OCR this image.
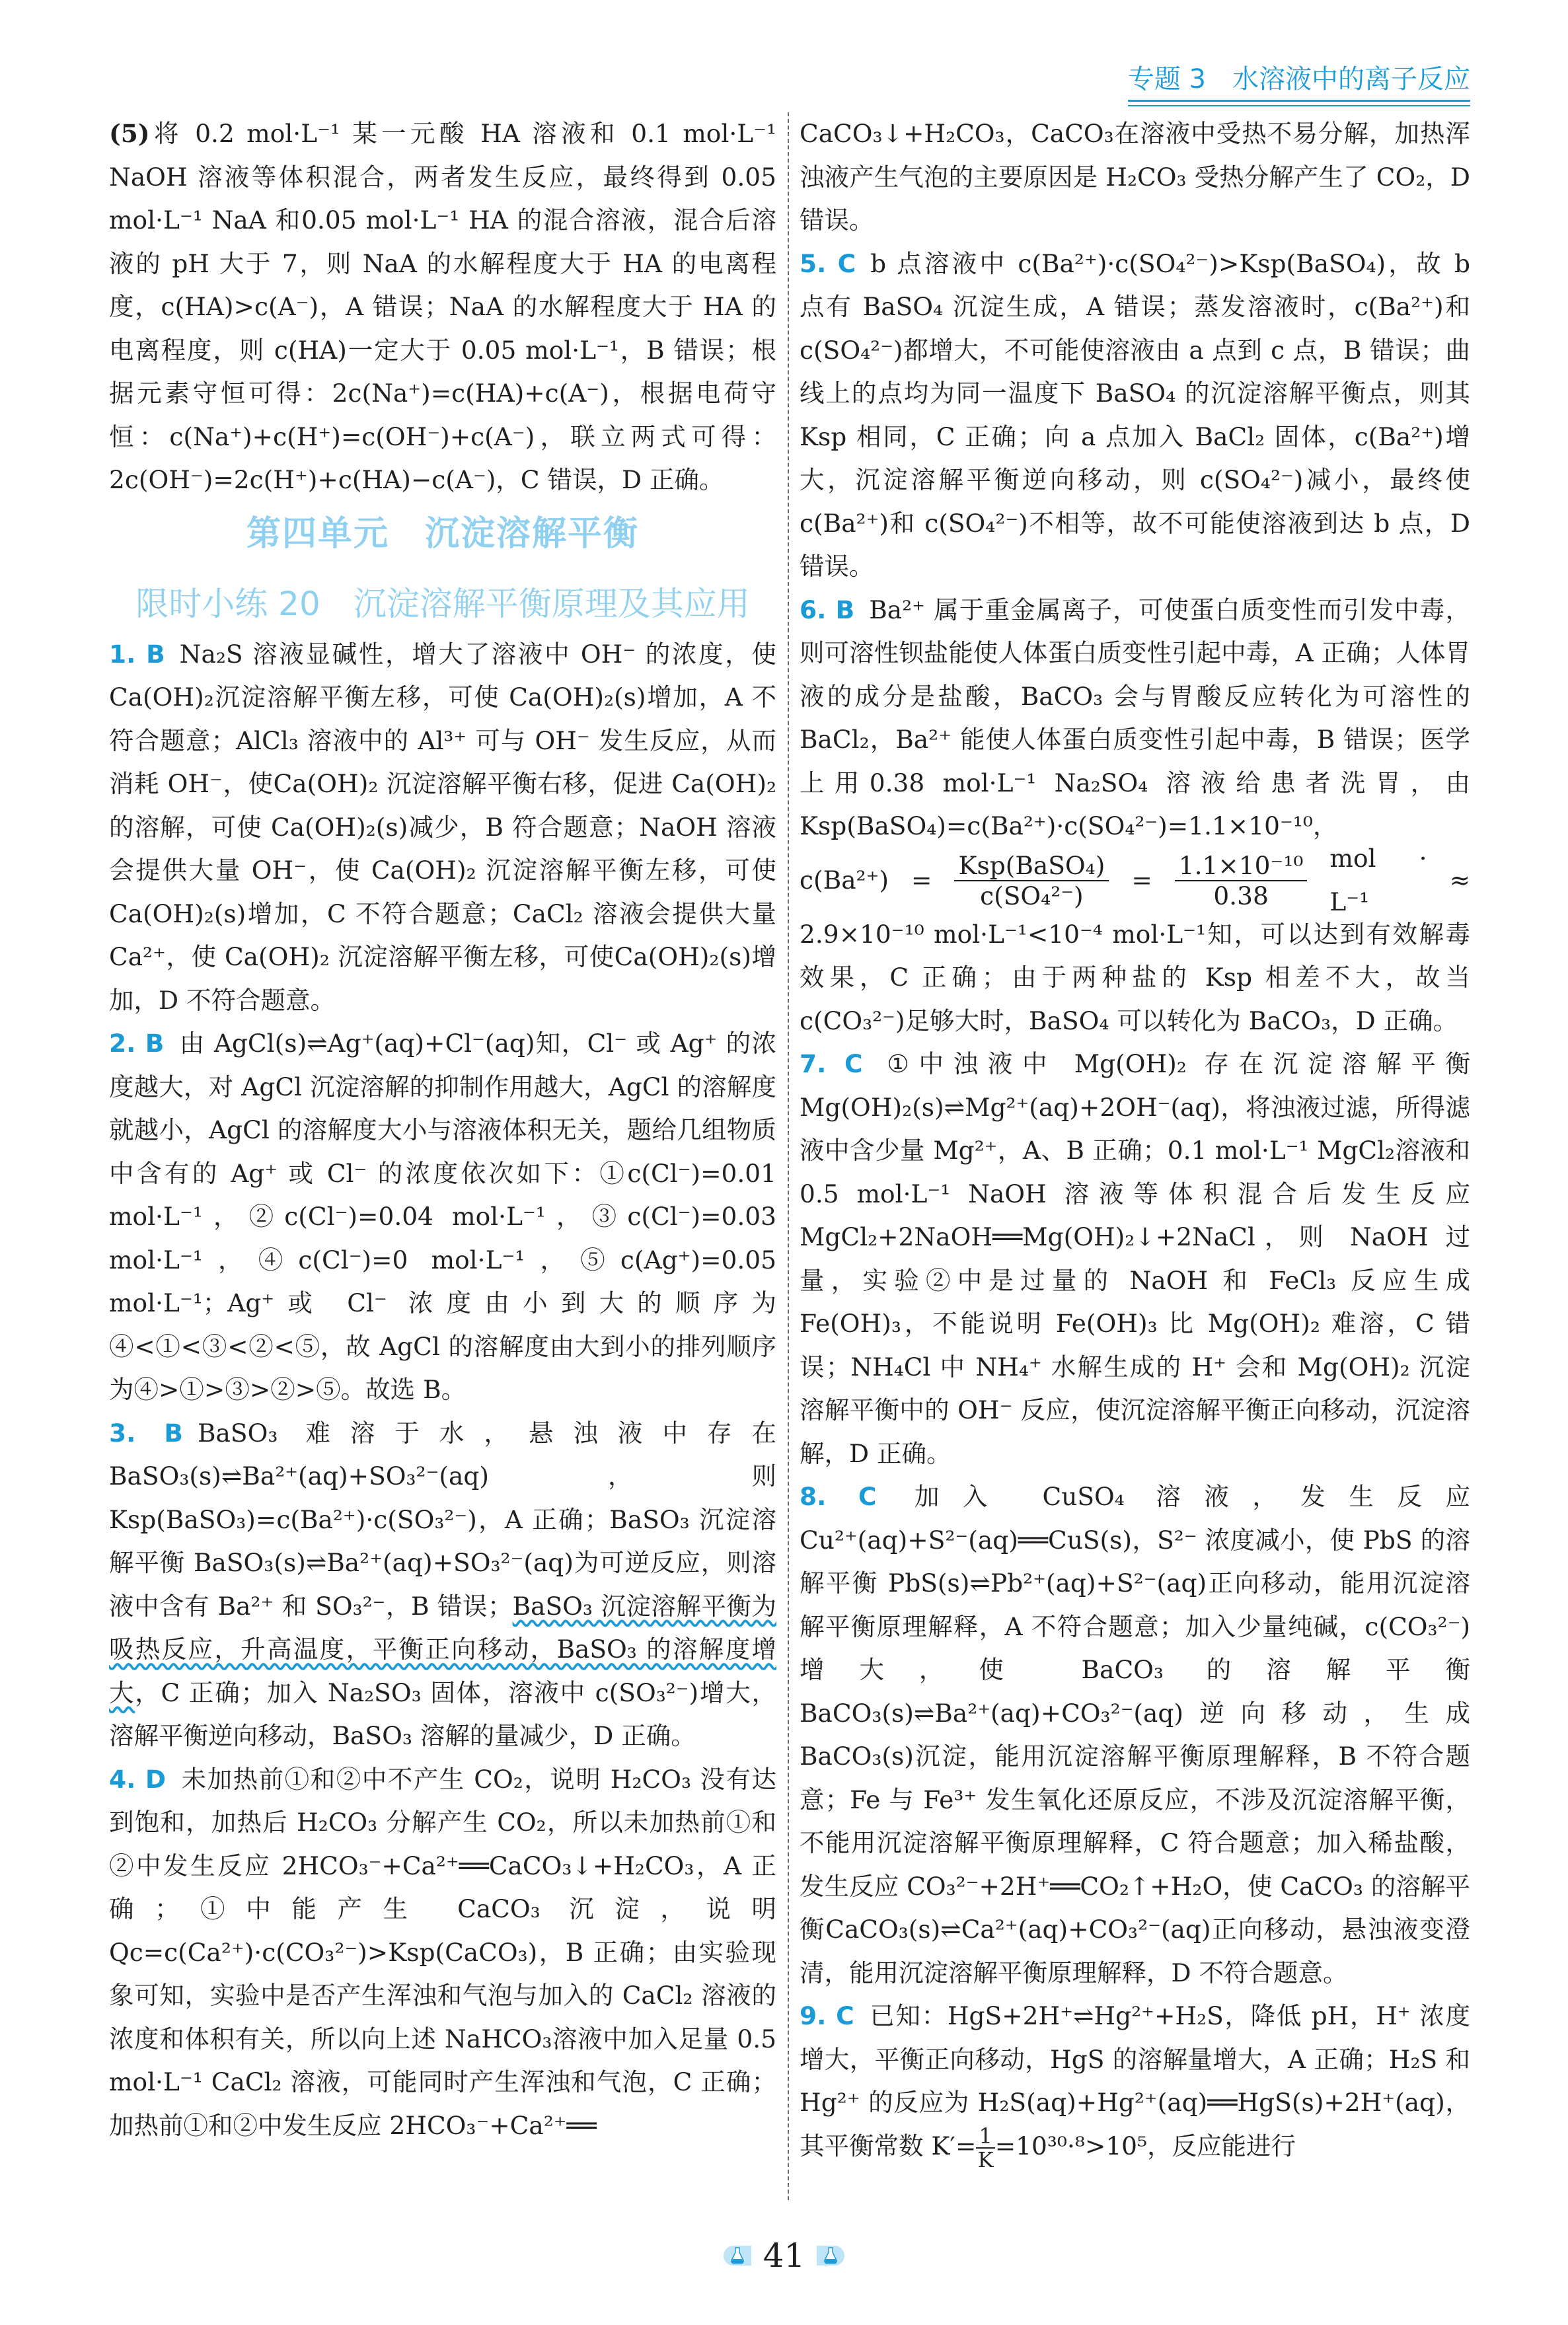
专题 3　水溶液中的离子反应

(5)将 0.2 mol·L⁻¹ 某一元酸 HA 溶液和 0.1 mol·L⁻¹ NaOH 溶液等体积混合，两者发生反应，最终得到 0.05 mol·L⁻¹ NaA 和0.05 mol·L⁻¹ HA 的混合溶液，混合后溶液的 pH 大于 7，则 NaA 的水解程度大于 HA 的电离程度，c(HA)>c(A⁻)，A 错误；NaA 的水解程度大于 HA 的电离程度，则 c(HA)一定大于 0.05 mol·L⁻¹，B 错误；根据元素守恒可得：2c(Na⁺)=c(HA)+c(A⁻)，根据电荷守恒：c(Na⁺)+c(H⁺)=c(OH⁻)+c(A⁻)，联立两式可得：2c(OH⁻)=2c(H⁺)+c(HA)−c(A⁻)，C 错误，D 正确。

第四单元　沉淀溶解平衡
限时小练 20　沉淀溶解平衡原理及其应用

1. B Na₂S 溶液显碱性，增大了溶液中 OH⁻ 的浓度，使 Ca(OH)₂沉淀溶解平衡左移，可使 Ca(OH)₂(s)增加，A 不符合题意；AlCl₃ 溶液中的 Al³⁺ 可与 OH⁻ 发生反应，从而消耗 OH⁻，使Ca(OH)₂ 沉淀溶解平衡右移，促进 Ca(OH)₂的溶解，可使 Ca(OH)₂(s)减少，B 符合题意；NaOH 溶液会提供大量 OH⁻，使 Ca(OH)₂ 沉淀溶解平衡左移，可使Ca(OH)₂(s)增加，C 不符合题意；CaCl₂ 溶液会提供大量 Ca²⁺，使 Ca(OH)₂ 沉淀溶解平衡左移，可使Ca(OH)₂(s)增加，D 不符合题意。

2. B 由 AgCl(s)⇌Ag⁺(aq)+Cl⁻(aq)知，Cl⁻ 或 Ag⁺ 的浓度越大，对 AgCl 沉淀溶解的抑制作用越大，AgCl 的溶解度就越小，AgCl 的溶解度大小与溶液体积无关，题给几组物质中含有的 Ag⁺ 或 Cl⁻ 的浓度依次如下：①c(Cl⁻)=0.01 mol·L⁻¹，②c(Cl⁻)=0.04 mol·L⁻¹，③c(Cl⁻)=0.03 mol·L⁻¹，④c(Cl⁻)=0 mol·L⁻¹，⑤c(Ag⁺)=0.05 mol·L⁻¹；Ag⁺或 Cl⁻ 浓度由小到大的顺序为④<①<③<②<⑤，故 AgCl 的溶解度由大到小的排列顺序为④>①>③>②>⑤。故选 B。

3. B BaSO₃ 难溶于水，悬浊液中存在 BaSO₃(s)⇌Ba²⁺(aq)+SO₃²⁻(aq)，则 Ksp(BaSO₃)=c(Ba²⁺)·c(SO₃²⁻)，A 正确；BaSO₃ 沉淀溶解平衡 BaSO₃(s)⇌Ba²⁺(aq)+SO₃²⁻(aq)为可逆反应，则溶液中含有 Ba²⁺ 和 SO₃²⁻，B 错误；BaSO₃ 沉淀溶解平衡为吸热反应，升高温度，平衡正向移动，BaSO₃ 的溶解度增大，C 正确；加入 Na₂SO₃ 固体，溶液中 c(SO₃²⁻)增大，溶解平衡逆向移动，BaSO₃ 溶解的量减少，D 正确。

4. D 未加热前①和②中不产生 CO₂，说明 H₂CO₃ 没有达到饱和，加热后 H₂CO₃ 分解产生 CO₂，所以未加热前①和②中发生反应 2HCO₃⁻+Ca²⁺══CaCO₃↓+H₂CO₃，A 正确；①中能产生 CaCO₃ 沉淀，说明 Qc=c(Ca²⁺)·c(CO₃²⁻)>Ksp(CaCO₃)，B 正确；由实验现象可知，实验中是否产生浑浊和气泡与加入的 CaCl₂ 溶液的浓度和体积有关，所以向上述 NaHCO₃溶液中加入足量 0.5 mol·L⁻¹ CaCl₂ 溶液，可能同时产生浑浊和气泡，C 正确；加热前①和②中发生反应 2HCO₃⁻+Ca²⁺══

CaCO₃↓+H₂CO₃，CaCO₃在溶液中受热不易分解，加热浑浊液产生气泡的主要原因是 H₂CO₃ 受热分解产生了 CO₂，D 错误。

5. C b 点溶液中 c(Ba²⁺)·c(SO₄²⁻)>Ksp(BaSO₄)，故 b 点有 BaSO₄ 沉淀生成，A 错误；蒸发溶液时，c(Ba²⁺)和 c(SO₄²⁻)都增大，不可能使溶液由 a 点到 c 点，B 错误；曲线上的点均为同一温度下 BaSO₄ 的沉淀溶解平衡点，则其 Ksp 相同，C 正确；向 a 点加入 BaCl₂ 固体，c(Ba²⁺)增大，沉淀溶解平衡逆向移动，则 c(SO₄²⁻)减小，最终使 c(Ba²⁺)和 c(SO₄²⁻)不相等，故不可能使溶液到达 b 点，D 错误。

6. B Ba²⁺ 属于重金属离子，可使蛋白质变性而引发中毒，则可溶性钡盐能使人体蛋白质变性引起中毒，A 正确；人体胃液的成分是盐酸，BaCO₃ 会与胃酸反应转化为可溶性的 BaCl₂，Ba²⁺ 能使人体蛋白质变性引起中毒，B 错误；医学上用0.38 mol·L⁻¹ Na₂SO₄ 溶液给患者洗胃，由 Ksp(BaSO₄)=c(Ba²⁺)·c(SO₄²⁻)=1.1×10⁻¹⁰，

$c(Ba^{2+}) = \frac{\text{Ksp(BaSO₄)}}{\text{c(SO₄²⁻)}} = \frac{\text{1.1×10⁻¹⁰}}{0.38}$ mol · L⁻¹
≈

2.9×10⁻¹⁰ mol·L⁻¹<10⁻⁴ mol·L⁻¹知，可以达到有效解毒效果，C 正确；由于两种盐的 Ksp 相差不大，故当 c(CO₃²⁻)足够大时，BaSO₄ 可以转化为 BaCO₃，D 正确。

7. C ①中浊液中 Mg(OH)₂ 存在沉淀溶解平衡 Mg(OH)₂(s)⇌Mg²⁺(aq)+2OH⁻(aq)，将浊液过滤，所得滤液中含少量 Mg²⁺，A、B 正确；0.1 mol·L⁻¹ MgCl₂溶液和 0.5 mol·L⁻¹ NaOH 溶液等体积混合后发生反应 MgCl₂+2NaOH══Mg(OH)₂↓+2NaCl，则 NaOH 过量，实验②中是过量的 NaOH 和 FeCl₃ 反应生成 Fe(OH)₃，不能说明 Fe(OH)₃ 比 Mg(OH)₂ 难溶，C 错误；NH₄Cl 中 NH₄⁺ 水解生成的 H⁺ 会和 Mg(OH)₂ 沉淀溶解平衡中的 OH⁻ 反应，使沉淀溶解平衡正向移动，沉淀溶解，D 正确。

8. C 加入 CuSO₄ 溶液，发生反应 Cu²⁺(aq)+S²⁻(aq)══CuS(s)，S²⁻ 浓度减小，使 PbS 的溶解平衡 PbS(s)⇌Pb²⁺(aq)+S²⁻(aq)正向移动，能用沉淀溶解平衡原理解释，A 不符合题意；加入少量纯碱，c(CO₃²⁻)增大，使 BaCO₃ 的溶解平衡BaCO₃(s)⇌Ba²⁺(aq)+CO₃²⁻(aq)逆向移动，生成BaCO₃(s)沉淀，能用沉淀溶解平衡原理解释，B 不符合题意；Fe 与 Fe³⁺ 发生氧化还原反应，不涉及沉淀溶解平衡，不能用沉淀溶解平衡原理解释，C 符合题意；加入稀盐酸，发生反应 CO₃²⁻+2H⁺══CO₂↑+H₂O，使 CaCO₃ 的溶解平衡CaCO₃(s)⇌Ca²⁺(aq)+CO₃²⁻(aq)正向移动，悬浊液变澄清，能用沉淀溶解平衡原理解释，D 不符合题意。

9. C 已知：HgS+2H⁺⇌Hg²⁺+H₂S，降低 pH，H⁺ 浓度增大，平衡正向移动，HgS 的溶解量增大，A 正确；H₂S 和 Hg²⁺ 的反应为 H₂S(aq)+Hg²⁺(aq)══HgS(s)+2H⁺(aq)，其平衡常数 $K'= \frac{1}{K} =10^{30}\cdot^8>10^5$，反应能进行

41
